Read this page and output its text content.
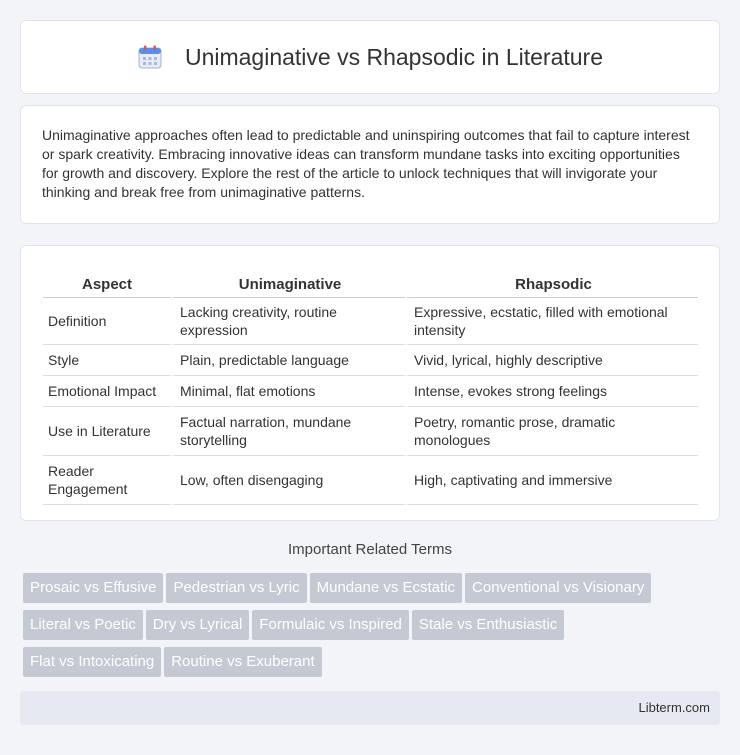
Unimaginative vs Rhapsodic in Literature

Unimaginative approaches often lead to predictable and uninspiring outcomes that fail to capture interest or spark creativity. Embracing innovative ideas can transform mundane tasks into exciting opportunities for growth and discovery. Explore the rest of the article to unlock techniques that will invigorate your thinking and break free from unimaginative patterns.

Aspect	Unimaginative	Rhapsodic
Definition	Lacking creativity, routine expression	Expressive, ecstatic, filled with emotional intensity
Style	Plain, predictable language	Vivid, lyrical, highly descriptive
Emotional Impact	Minimal, flat emotions	Intense, evokes strong feelings
Use in Literature	Factual narration, mundane storytelling	Poetry, romantic prose, dramatic monologues
Reader Engagement	Low, often disengaging	High, captivating and immersive
Important Related Terms
Prosaic vs Effusive Pedestrian vs Lyric Mundane vs Ecstatic Conventional vs Visionary
Literal vs Poetic Dry vs Lyrical Formulaic vs Inspired Stale vs Enthusiastic
Flat vs Intoxicating Routine vs Exuberant
Libterm.com
